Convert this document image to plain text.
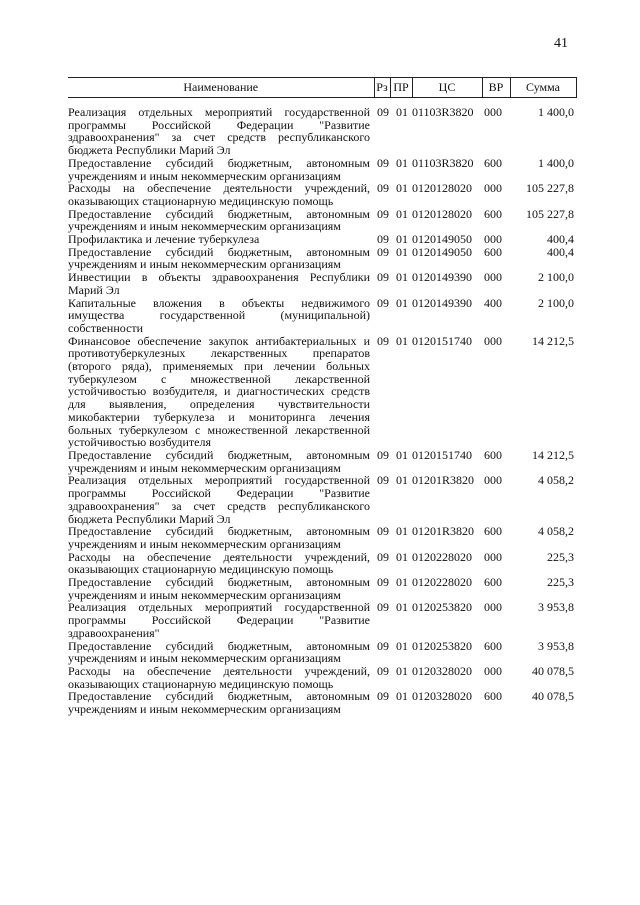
41
Наименование	Рз	ПР	ЦС	ВР	Сумма
Реализация отдельных мероприятий государственной программы Российской Федерации "Развитие здравоохранения" за счет средств республиканского бюджета Республики Марий Эл	09	01	01103R3820	000	1 400,0
Предоставление субсидий бюджетным, автономным учреждениям и иным некоммерческим организациям	09	01	01103R3820	600	1 400,0
Расходы на обеспечение деятельности учреждений, оказывающих стационарную медицинскую помощь	09	01	0120128020	000	105 227,8
Предоставление субсидий бюджетным, автономным учреждениям и иным некоммерческим организациям	09	01	0120128020	600	105 227,8
Профилактика и лечение туберкулеза	09	01	0120149050	000	400,4
Предоставление субсидий бюджетным, автономным учреждениям и иным некоммерческим организациям	09	01	0120149050	600	400,4
Инвестиции в объекты здравоохранения Республики Марий Эл	09	01	0120149390	000	2 100,0
Капитальные вложения в объекты недвижимого имущества государственной (муниципальной) собственности	09	01	0120149390	400	2 100,0
Финансовое обеспечение закупок антибактериальных и противотуберкулезных лекарственных препаратов (второго ряда), применяемых при лечении больных туберкулезом с множественной лекарственной устойчивостью возбудителя, и диагностических средств для выявления, определения чувствительности микобактерии туберкулеза и мониторинга лечения больных туберкулезом с множественной лекарственной устойчивостью возбудителя	09	01	0120151740	000	14 212,5
Предоставление субсидий бюджетным, автономным учреждениям и иным некоммерческим организациям	09	01	0120151740	600	14 212,5
Реализация отдельных мероприятий государственной программы Российской Федерации "Развитие здравоохранения" за счет средств республиканского бюджета Республики Марий Эл	09	01	01201R3820	000	4 058,2
Предоставление субсидий бюджетным, автономным учреждениям и иным некоммерческим организациям	09	01	01201R3820	600	4 058,2
Расходы на обеспечение деятельности учреждений, оказывающих стационарную медицинскую помощь	09	01	0120228020	000	225,3
Предоставление субсидий бюджетным, автономным учреждениям и иным некоммерческим организациям	09	01	0120228020	600	225,3
Реализация отдельных мероприятий государственной программы Российской Федерации "Развитие здравоохранения"	09	01	0120253820	000	3 953,8
Предоставление субсидий бюджетным, автономным учреждениям и иным некоммерческим организациям	09	01	0120253820	600	3 953,8
Расходы на обеспечение деятельности учреждений, оказывающих стационарную медицинскую помощь	09	01	0120328020	000	40 078,5
Предоставление субсидий бюджетным, автономным учреждениям и иным некоммерческим организациям	09	01	0120328020	600	40 078,5
